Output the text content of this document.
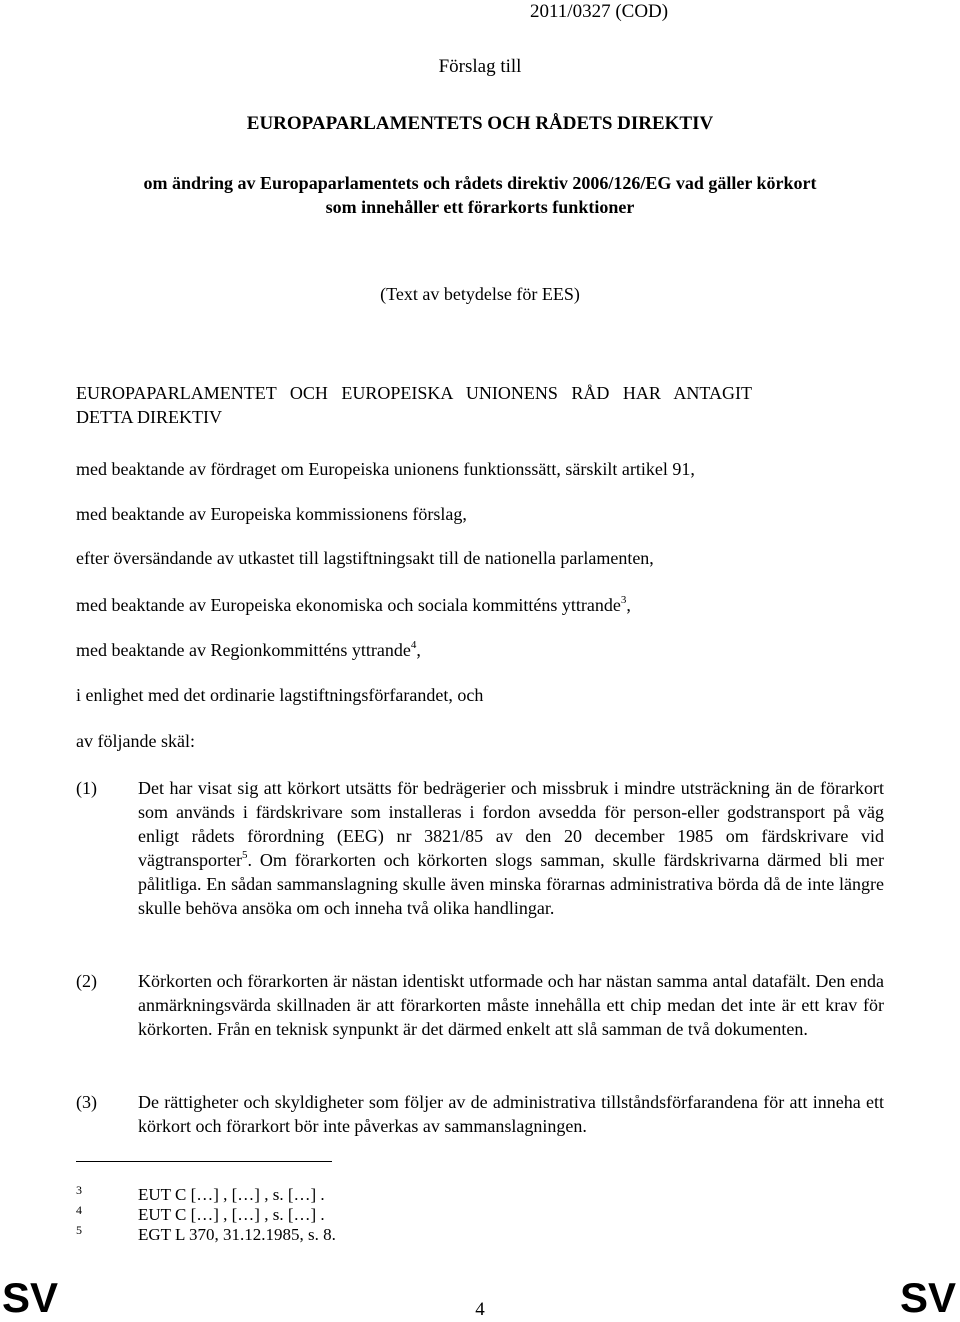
2011/0327 (COD)
Förslag till
EUROPAPARLAMENTETS OCH RÅDETS DIREKTIV
om ändring av Europaparlamentets och rådets direktiv 2006/126/EG vad gäller körkort
som innehåller ett förarkorts funktioner
(Text av betydelse för EES)
EUROPAPARLAMENTET   OCH   EUROPEISKA   UNIONENS   RÅD   HAR   ANTAGIT
DETTA DIREKTIV
med beaktande av fördraget om Europeiska unionens funktionssätt, särskilt artikel 91,
med beaktande av Europeiska kommissionens förslag,
efter översändande av utkastet till lagstiftningsakt till de nationella parlamenten,
med beaktande av Europeiska ekonomiska och sociala kommitténs yttrande$^3$,
med beaktande av Regionkommitténs yttrande$^4$,
i enlighet med det ordinarie lagstiftningsförfarandet, och
av följande skäl:
(1) Det har visat sig att körkort utsätts för bedrägerier och missbruk i mindre utsträckning än de förarkort som används i färdskrivare som installeras i fordon avsedda för person-eller godstransport på väg enligt rådets förordning (EEG) nr 3821/85 av den 20 december 1985 om färdskrivare vid vägtransporter$^5$. Om förarkorten och körkorten slogs samman, skulle färdskrivarna därmed bli mer pålitliga. En sådan sammanslagning skulle även minska förarnas administrativa börda då de inte längre skulle behöva ansöka om och inneha två olika handlingar.
(2) Körkorten och förarkorten är nästan identiskt utformade och har nästan samma antal datafält. Den enda anmärkningsvärda skillnaden är att förarkorten måste innehålla ett chip medan det inte är ett krav för körkorten. Från en teknisk synpunkt är det därmed enkelt att slå samman de två dokumenten.
(3) De rättigheter och skyldigheter som följer av de administrativa tillståndsförfarandena för att inneha ett körkort och förarkort bör inte påverkas av sammanslagningen.
3	EUT C […] , […] , s. […] .
4	EUT C […] , […] , s. […] .
5	EGT L 370, 31.12.1985, s. 8.
SV	4	SV
